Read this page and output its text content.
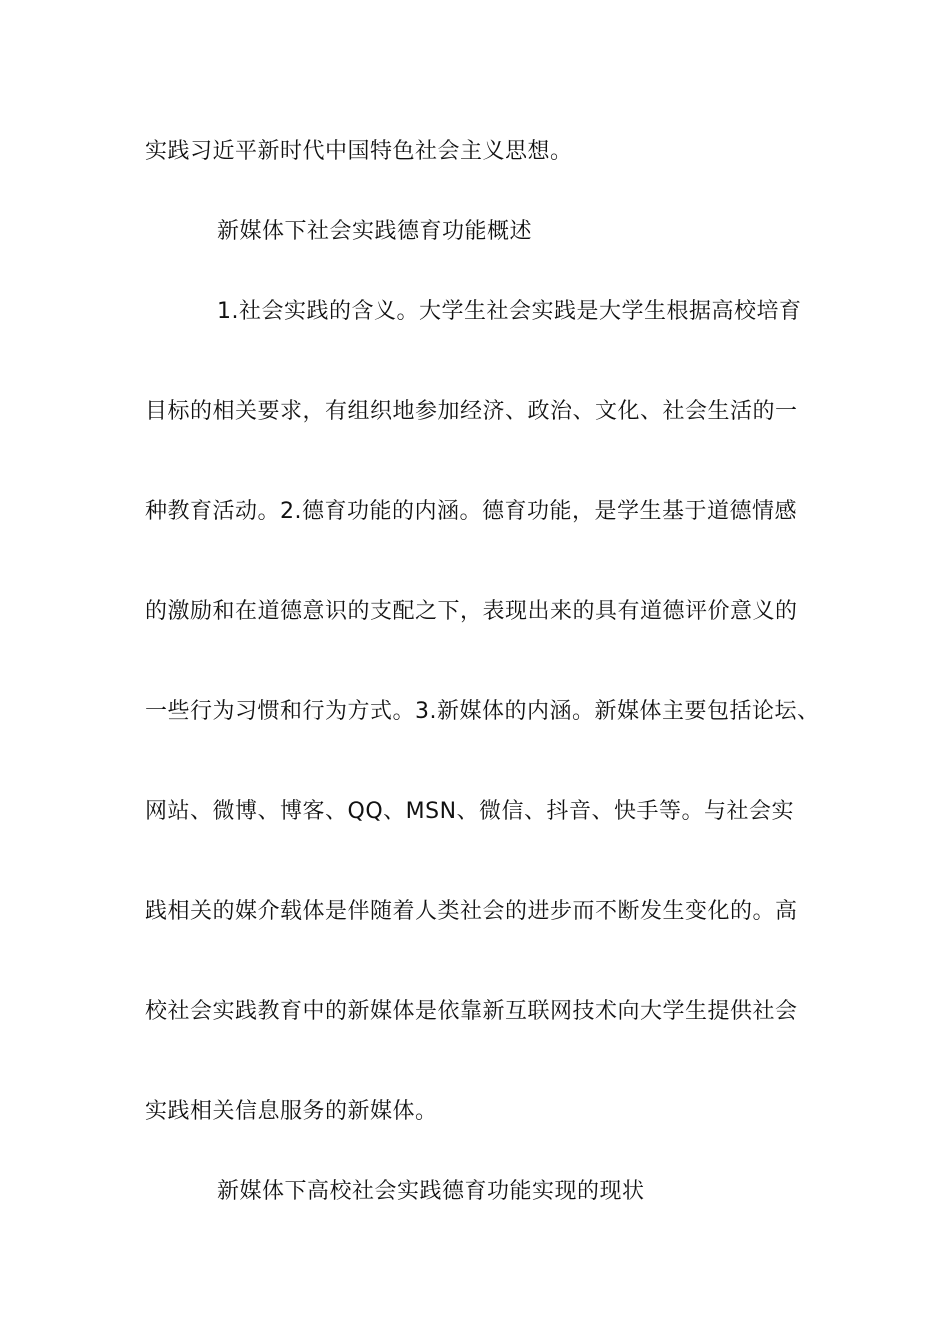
实践习近平新时代中国特色社会主义思想。
新媒体下社会实践德育功能概述
1.社会实践的含义。大学生社会实践是大学生根据高校培育
目标的相关要求，有组织地参加经济、政治、文化、社会生活的一
种教育活动。2.德育功能的内涵。德育功能，是学生基于道德情感
的激励和在道德意识的支配之下，表现出来的具有道德评价意义的
一些行为习惯和行为方式。3.新媒体的内涵。新媒体主要包括论坛、
网站、微博、博客、QQ、MSN、微信、抖音、快手等。与社会实
践相关的媒介载体是伴随着人类社会的进步而不断发生变化的。高
校社会实践教育中的新媒体是依靠新互联网技术向大学生提供社会
实践相关信息服务的新媒体。
新媒体下高校社会实践德育功能实现的现状
